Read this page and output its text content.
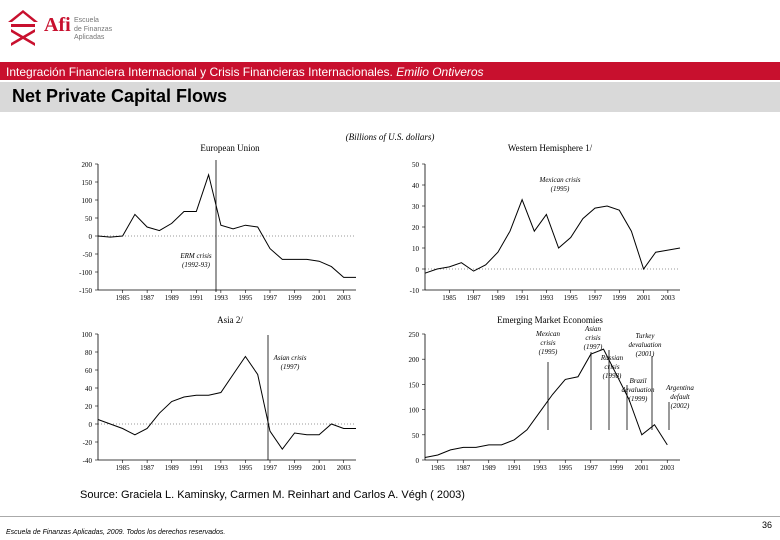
Afi Escuela
de Finanzas
Aplicadas
Integración Financiera Internacional y Crisis Financieras Internacionales. Emilio Ontiveros
Net Private Capital Flows
(Billions of U.S. dollars)
European Union
200
150
100
50
0
-50
-100
-150
1985 1987 1989 1991 1993 1995 1997 1999 2001 2003
ERM crisis
(1992-93)
Western Hemisphere 1/
50
40
30
20
10
0
-10
1985 1987 1989 1991 1993 1995 1997 1999 2001 2003
Mexican crisis
(1995)
Asia 2/
100
80
60
40
20
0
-20
-40
1985 1987 1989 1991 1993 1995 1997 1999 2001 2003
Asian crisis
(1997)
Emerging Market Economies
250
200
150
100
50
0
1985 1987 1989 1991 1993 1995 1997 1999 2001 2003
Mexican
crisis
(1995)
Asian
crisis
(1997)
Russian
crisis
(1998)
Brazil
devaluation
(1999)
Turkey
devaluation
(2001)
Argentina
default
(2002)
Source: Graciela L. Kaminsky, Carmen M. Reinhart and Carlos A. Végh ( 2003)
Escuela de Finanzas Aplicadas, 2009. Todos los derechos reservados.
36
